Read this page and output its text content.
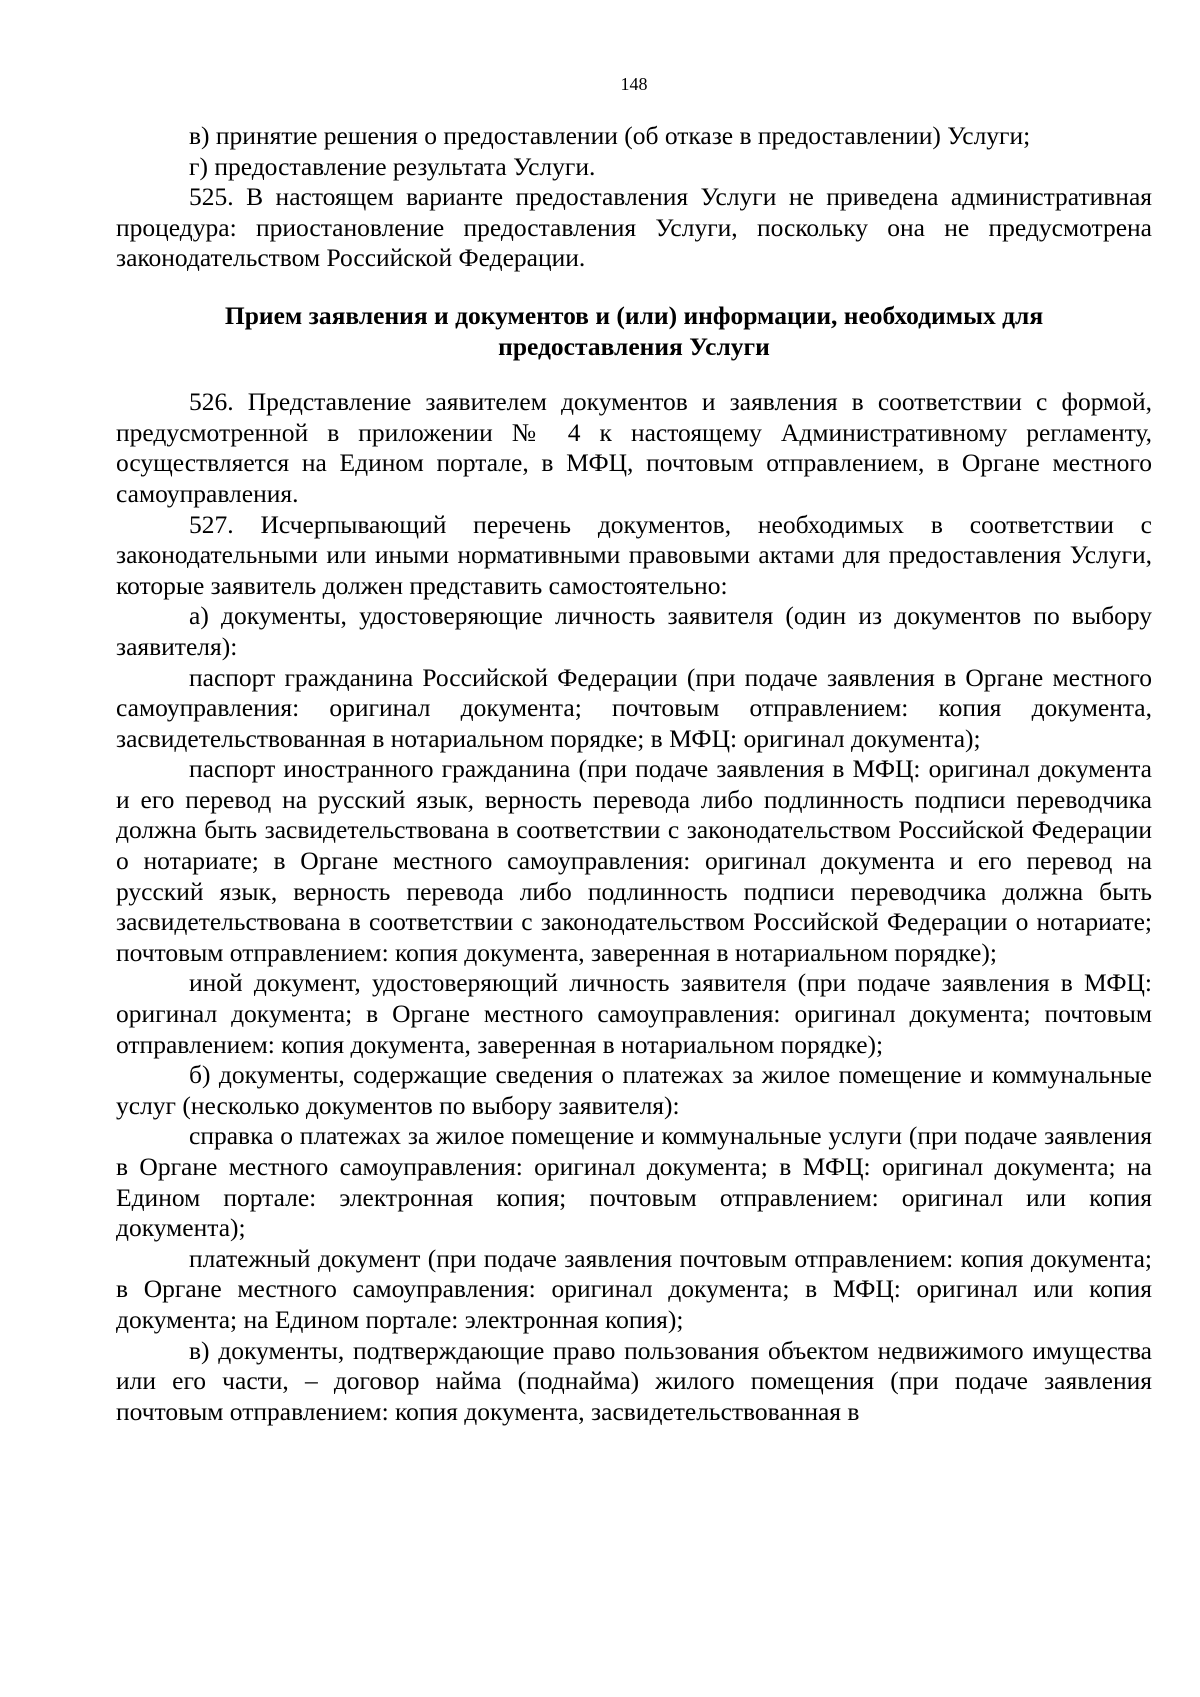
148

в) принятие решения о предоставлении (об отказе в предоставлении) Услуги;

г) предоставление результата Услуги.

525. В настоящем варианте предоставления Услуги не приведена административная процедура: приостановление предоставления Услуги, поскольку она не предусмотрена законодательством Российской Федерации.

Прием заявления и документов и (или) информации, необходимых для предоставления Услуги

526. Представление заявителем документов и заявления в соответствии с формой, предусмотренной в приложении № 4 к настоящему Административному регламенту, осуществляется на Едином портале, в МФЦ, почтовым отправлением, в Органе местного самоуправления.

527. Исчерпывающий перечень документов, необходимых в соответствии с законодательными или иными нормативными правовыми актами для предоставления Услуги, которые заявитель должен представить самостоятельно:

а) документы, удостоверяющие личность заявителя (один из документов по выбору заявителя):

паспорт гражданина Российской Федерации (при подаче заявления в Органе местного самоуправления: оригинал документа; почтовым отправлением: копия документа, засвидетельствованная в нотариальном порядке; в МФЦ: оригинал документа);

паспорт иностранного гражданина (при подаче заявления в МФЦ: оригинал документа и его перевод на русский язык, верность перевода либо подлинность подписи переводчика должна быть засвидетельствована в соответствии с законодательством Российской Федерации о нотариате; в Органе местного самоуправления: оригинал документа и его перевод на русский язык, верность перевода либо подлинность подписи переводчика должна быть засвидетельствована в соответствии с законодательством Российской Федерации о нотариате; почтовым отправлением: копия документа, заверенная в нотариальном порядке);

иной документ, удостоверяющий личность заявителя (при подаче заявления в МФЦ: оригинал документа; в Органе местного самоуправления: оригинал документа; почтовым отправлением: копия документа, заверенная в нотариальном порядке);

б) документы, содержащие сведения о платежах за жилое помещение и коммунальные услуг (несколько документов по выбору заявителя):

справка о платежах за жилое помещение и коммунальные услуги (при подаче заявления в Органе местного самоуправления: оригинал документа; в МФЦ: оригинал документа; на Едином портале: электронная копия; почтовым отправлением: оригинал или копия документа);

платежный документ (при подаче заявления почтовым отправлением: копия документа; в Органе местного самоуправления: оригинал документа; в МФЦ: оригинал или копия документа; на Едином портале: электронная копия);

в) документы, подтверждающие право пользования объектом недвижимого имущества или его части, – договор найма (поднайма) жилого помещения (при подаче заявления почтовым отправлением: копия документа, засвидетельствованная в
